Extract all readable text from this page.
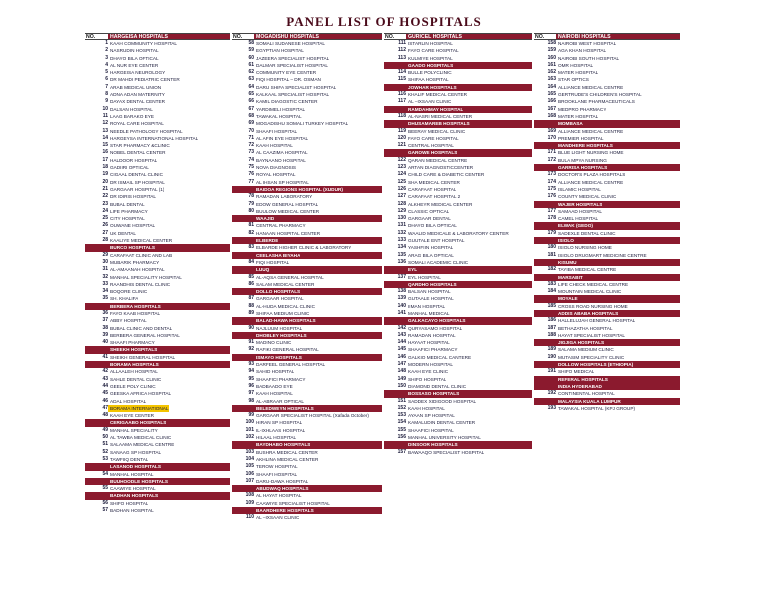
PANEL LIST OF HOSPITALS
NO.	HARGEISA HOSPITALS
1 KAAH COMMUNITY HOSPITAL
2 NASRUDIN HOSPITAL
3 DHAYO BILA OFTICAL
4 AL NUR EYE CENTER
5 HARGEISA NEUROLOGY
6 DR MAHDI PEDIATRIC CENTER
7 ARAB MEDICAL UNION
8 ADNA ADAN MATERNITY
9 DAYAX DENTAL CENTER
10 DALSAN HOSPITAL
11 LAAG BARAKO EYE
12 ROYAL CARE HOSPITAL
13 NEEDLE PATHOLOGY HOSPITAL
14 HARGEYSA INTERNATIONAL HOSPITAL
15 STAR PHARMACY &CLINIC
16 NOBEL DENTAL CENTER
17 HALDOOR HOSPITAL
18 GADIIRI OPTICAL
19 CIGAAL DENTAL CLINIC
20 DR ISMAIL SP HOSPITAL
21 GARGAAR HOSPITAL (1)
22 DR IDIRIS HOSPITAL
23 BUBAL DENTAL
24 LIFE PHARMACY
25 CITY HOSPITAL
26 OUWANE HOSPITAL
27 UK DENTAL
28 KAALIYE MEDICAL CENTER
BURCO HOSPITALS
29 CARAFAAT CLINIC AND LAB
30 MUBARIK PHARMACY
31 AL-AMAANAH HOSPITAL
32 MANHAL SPECIALITY HOSPITAL
33 RAANDHIS DENTAL CLINIC
34 BOQORE CLINIC
35 SH. KHALIFA
BERBERA HOSPITALS
36 FAYO KAAB HOSPITAL
37 ABBY HOSPITAL
38 BUBAL CLINIC AND DENTAL
39 BERBERA GENERAL HOSPITAL
40 SHAAFI PHARMACY
SHEEKH HOSPITALS
41 SHEIKH GENERAL HOSPITAL
BORAMA HOSPITALS
42 ALLAALEH HOSPITAL
43 SAHLE DENTAL CLINIC
44 GEELE POLY CLINIC
45 GEESKA AFRICA HOSPITAL
46 ADAL HOSPITAL
47 BORAMA INTERNATIONAL
48 KAAH EYE CENTER
CERIGAABO HOSPITALS
49 MANHAL SPECIALITY
50 AL TAWBA MEDICAL CLINIC
51 SALAAMA MEDICAL CENTRE
52 SANAAG SP HOSPITAL
53 TAWFIIQ DENTAL
LASANOD HOSPITALS
54 MANHAL HOSPITAL
BUUHOODLE HOSPITALS
55 CAAWIYE HOSPITAL
BADHAN HOSPITALS
56 SHIFO HOSPITAL
57 BADHAN HOSPITAL
NO.	MOGADISHU HOSPITALS
58 SOMALI SUDANESE HOSPITAL
59 EGYPTIAN HOSPITAL
60 JAZEERA SPECIALIST HOSPITAL
61 DALMAR SPECIALIST HOSPITAL
62 COMMUNITY EYE CENTER
63 FIQI HOSPITAL – DR. OSMAN
64 DARU SHIFA SPECIALIST HOSPITAL
65 KALKAAL SPECIALIST HOSPITAL
66 KAMIL DIAGOSTIC CENTER
67 YARDIMELI HOSPITAL
68 TAWAKAL HOSPITAL
69 MOGADISHU SOMALI TURKEY HOSPITAL
70 SHAAFI HOSPITAL
71 AL AFIN EYE HOSPITAL
72 KAAH HOSPITAL
73 AL CAAZIMA HOSPITAL
74 BAYNAANO HOSPITAL
75 NOVA DIAGNOSIS
76 ROYAL HOSPITAL
77 AL IHSAN SP HOSPITAL
BAIDOA REGIONS HOSPITAL (XUDUR)
78 RAMADAN LABORATORY
79 EDOW GENERAL HOSPITAL
80 BUULOW MEDICAL CENTER
WAAJID
81 CENTRAL PHARMACY
82 HANAAN HOSPITAL CENTER
ELBERDE
83 ELBARDE HIGHER CLINIC & LABORATORY
CEELASHA BIYAHA
84 FIQI HOSPITAL
LUUQ
85 AL-AQSA GENERAL HOSPITAL
86 SALAM MEDICAL CENTER
DOLLO HOSPITALS
87 GARGAAR HOSPITAL
88 AL-HUDA MEDICAL CLINIC
89 SHIFAA MEDIUM CLINIC
BALAD-HAWA HOSPITALS
90 NAJLUUM HOSPITAL
DHOBLEY HOSPITALS
91 MADINO CLINIC
92 RAFIKI GENERAL HOSPITAL
ISMAYO HOSPITALS
93 DARFEEL GENERAL HOSPITAL
94 SAHID HOSPITAL
95 SHAAFICI PHARMACY
96 BADBAADO EYE
97 KAAH HOSPITAL
98 AL-ABRAAR OPTICAL
BELEDWEYN HOSPITALS
99 GARGAAR SPECIALIST HOSPITAL (Xafada October)
100 HIRAN SP HOSPITAL
101 IL-IXHLAAS HOSPITAL
102 HILAAL HOSPITAL
BAYDHABO HOSPITALS
103 BUSHRA MEDICAL CENTER
104 AKHLINA MEDICAL CENTER
105 TEROW HOSPITAL
106 SHAAFI HOSPITAL
107 DARU-DAWA HOSPITAL
ABUDWAQ HOSPITALS
108 AL HAYAT HOSPITAL
109 CAAWIYE SPECIALIST HOSPITAL
BAARDHERE HOSPITALS
110 AL –IXSAAN CLINIC
NO.	GURICEL HOSPITALS
111 ISTARLIN HOSPITAL
112 FAYO CARE HOSPITAL
113 KULMIYE HOSPITAL
GAADO HOSPITALS
114 BULLE POLYCLINIC
115 SHIFAA HOSPITAL
JOWHAR HOSPITALS
116 KHALIF MEDICAL CENTER
117 AL –IXSAAN CLINIC
RAMDAHMAY HOSPITAL
118 AL-NASRI MEDICAL CENTER
DHUSAMAREB HOSPITALS
119 BEERAY MEDICAL CLINIC
120 FAYO CARE HOSPITAL
121 CENTRAL HOSPITAL
GAROWE HOSPITALS
122 QARAN MEDICAL CENTRE
123 ARTAN DIAGNOSTICCENTER
124 CHILD CARE & DIABETIC CENTER
125 SHA MEDICAL CENTER
126 CARAFAAT HOSPITAL
127 CARAFAAT HOSPITAL 2
128 ALKHEYR MEDICAL CENTER
129 CLASSIC OPTICAL
130 GARGAAR DENTAL
131 DHAYO BILA OPTICAL
132 WAALID MEDICALE & LABORATORY CENTER
133 GUUTALE ENT HOSPITAL
134 YASHFIIN HOSPITAL
135 ARAG BILA OPTICAL
136 SOMALI ACADEMIC CLINIC
EYL
137 EYL HOSPITAL
QARDHO HOSPITALS
138 BALSAN HOSPITAL
139 GUTAALE HOSPITAL
140 IIMAN HOSPITAL
141 MANHAL MEDICAL
GALKACAYO HOSPITALS
142 QURYASAMO HOSPITAL
143 RAMADAN HOSPITAL
144 HAYAAT HOSPITAL
145 SHAAFICI PHARMACY
146 GALKIO MEDICAL CANTERE
147 MODERN HOSPITAL
148 KAAH EYE CLINIC
149 SHIFO HOSPITAL
150 DIAMOND DENTAL CLINIC
BOSSASO HOSPITALS
151 SADDEX XIDIGOOD HOSPITAL
152 KAAH HOSPITAL
153 AYAAN SP HOSPITAL
154 KAMALUDIN DENTAL CENTER
155 SHAAFICI HOSPITAL
156 MANHAL UNIVERSITY HOSPITAL
DINSOOR HOSPITALS
157 BAWAAQO SPECIALIST HOSPITAL
NO.	NAIROBI HOSPITALS
158 NAIROBI WEST HOSPITAL
159 AGA KHAN HOSPITAL
160 NAIROBI SOUTH HOSPITAL
161 OMR HOSPITAL
162 MATER HOSPITAL
163 STAR OPTICS
164 ALLIANCE MEDICAL CENTRE
165 GERTRUDE'S CHILDREN'S HOSPITAL
166 BROOKLANE PHARMACEUTICALS
167 MEDPRO PHARMACY
168 MATER HOSPITAL
MOMBASA
169 ALLIANCE MEDICAL CENTRE
170 PREMIER HOSPITAL
MANDHERE HOSPITALS
171 BLUE LIGHT NURSING HOME
172 BULA MPYA NURSING
GARRISA HOSPITALS
173 DOCTOR'S PLAZA HOSPITALS
174 ALLIANCE MEDICAL CENTRE
175 ISLAMIC HOSPITAL
176 COUNTY MEDICAL CLINIC
WAJER HOSPITALS
177 SAMAAD HOSPITAL
178 CAMEL HOSPITAL
ELWAK (GEDO)
179 SADEXLE DENTAL CLINIC
ISIOLO
180 ISIOLO NURSING HOME
181 ISIOLO DRUGMART MEDICINE CENTRE
KISUMU
182 TAYIBA MEDICAL CENTRE
MARSABIT
183 LIFE CHECK MEDICAL CENTRE
184 MOUNTAIN MEDICAL CLINIC
MOYALE
185 CROSS ROAD NURSING HOME
ADDIS ABABA HOSPITALS
186 HALLELUJAH GENERAL HOSPITAL
187 BETHAZATHA HOSPITAL
188 HAYAT SPECIALIST HOSPITAL
JIGJIGA HOSPITALS
189 SALAMA MEDIUM CLINIC
190 MUTASIM SPECIALITY CLINIC
DOLLOW HOSPITALS (ETHIOPIA)
191 SHIFO MEDICAL
REFERAL HOSPITALS
INDIA HYDERABAD
192 CONTINENTAL HOSPITAL
MALAYSIA KUALA LUMPUR
193 TAWAKAL HOSPITAL (KPJ GROUP)
